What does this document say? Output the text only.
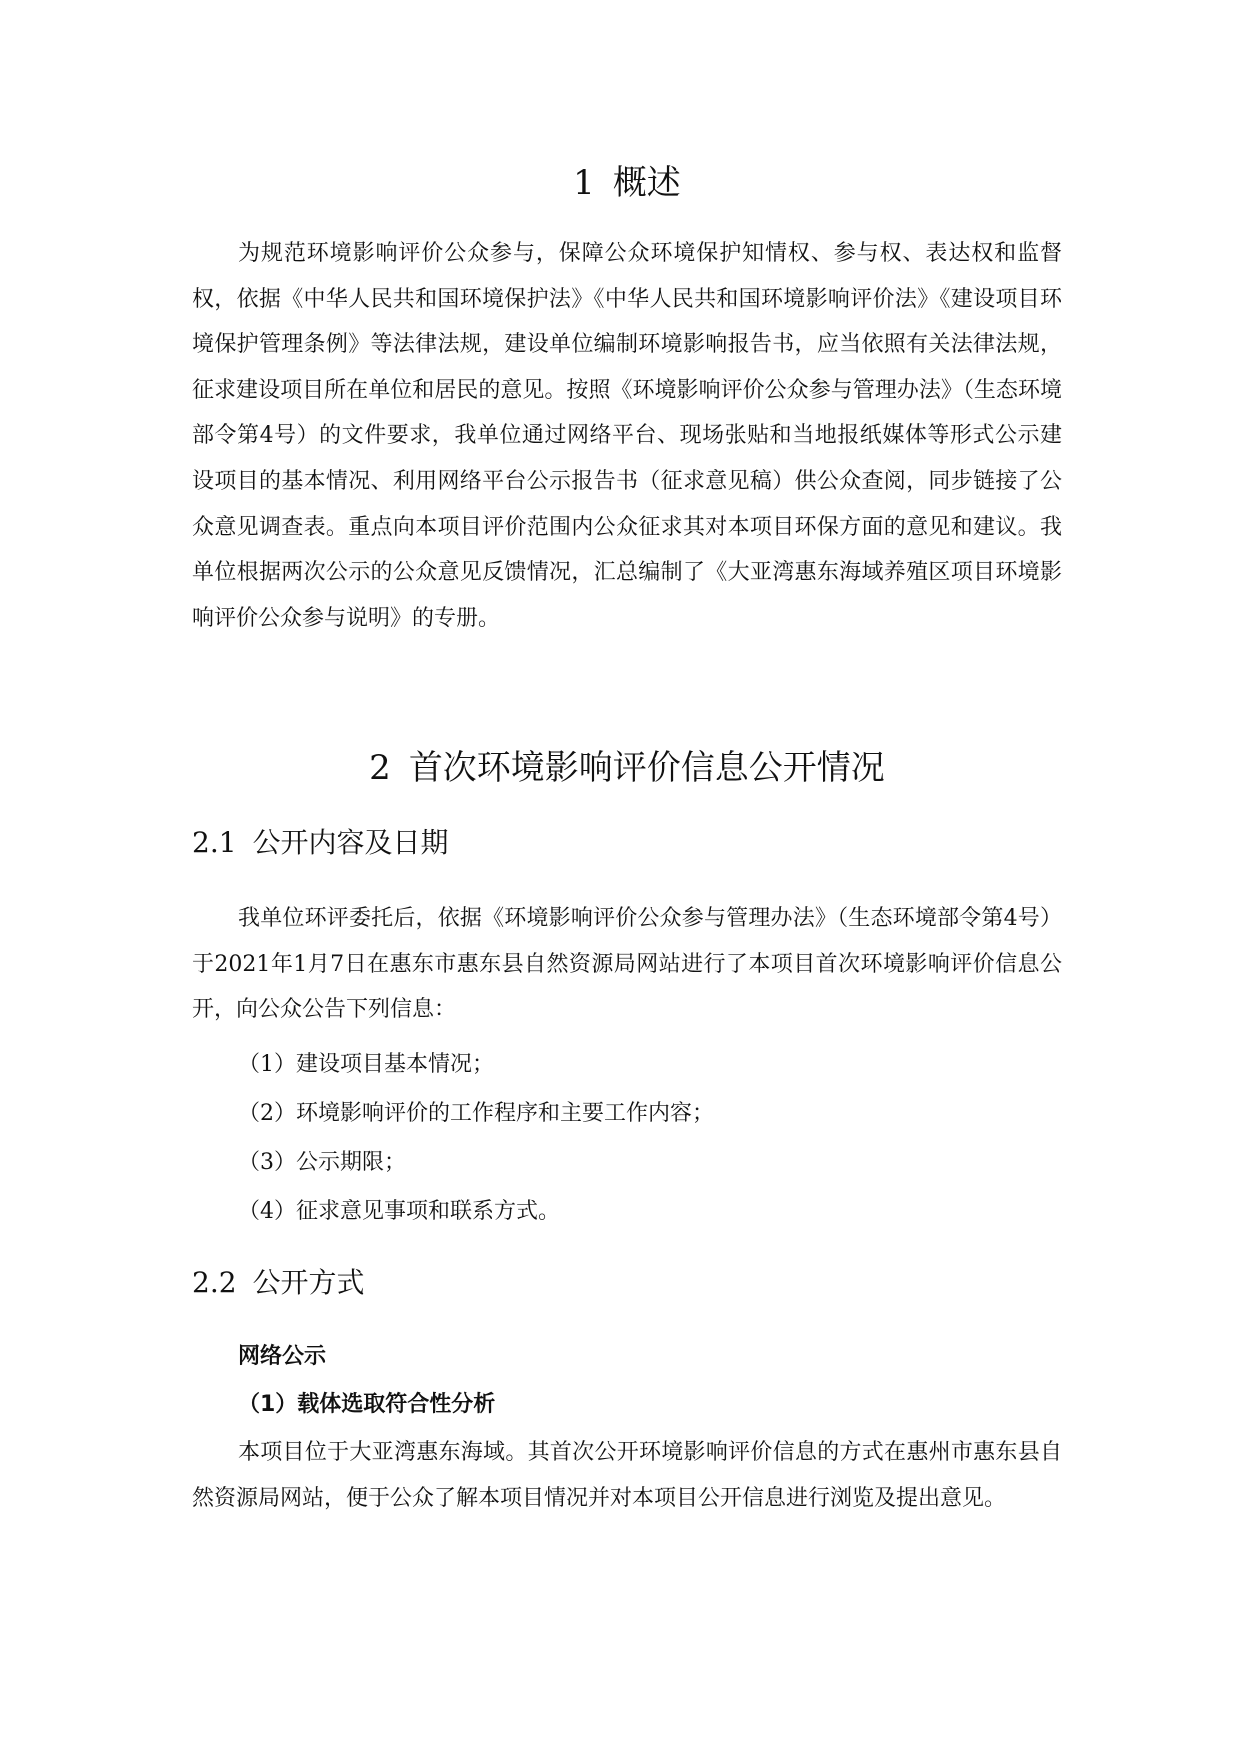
1 概述

为规范环境影响评价公众参与，保障公众环境保护知情权、参与权、表达权和监督权，依据《中华人民共和国环境保护法》《中华人民共和国环境影响评价法》《建设项目环境保护管理条例》等法律法规，建设单位编制环境影响报告书，应当依照有关法律法规，征求建设项目所在单位和居民的意见。按照《环境影响评价公众参与管理办法》（生态环境部令第4号）的文件要求，我单位通过网络平台、现场张贴和当地报纸媒体等形式公示建设项目的基本情况、利用网络平台公示报告书（征求意见稿）供公众查阅，同步链接了公众意见调查表。重点向本项目评价范围内公众征求其对本项目环保方面的意见和建议。我单位根据两次公示的公众意见反馈情况，汇总编制了《大亚湾惠东海域养殖区项目环境影响评价公众参与说明》的专册。

2 首次环境影响评价信息公开情况
2.1 公开内容及日期

我单位环评委托后，依据《环境影响评价公众参与管理办法》（生态环境部令第4号）于2021年1月7日在惠东市惠东县自然资源局网站进行了本项目首次环境影响评价信息公开，向公众公告下列信息：

（1）建设项目基本情况；
（2）环境影响评价的工作程序和主要工作内容；
（3）公示期限；
（4）征求意见事项和联系方式。
2.2 公开方式
网络公示
（1）载体选取符合性分析

本项目位于大亚湾惠东海域。其首次公开环境影响评价信息的方式在惠州市惠东县自然资源局网站，便于公众了解本项目情况并对本项目公开信息进行浏览及提出意见。
